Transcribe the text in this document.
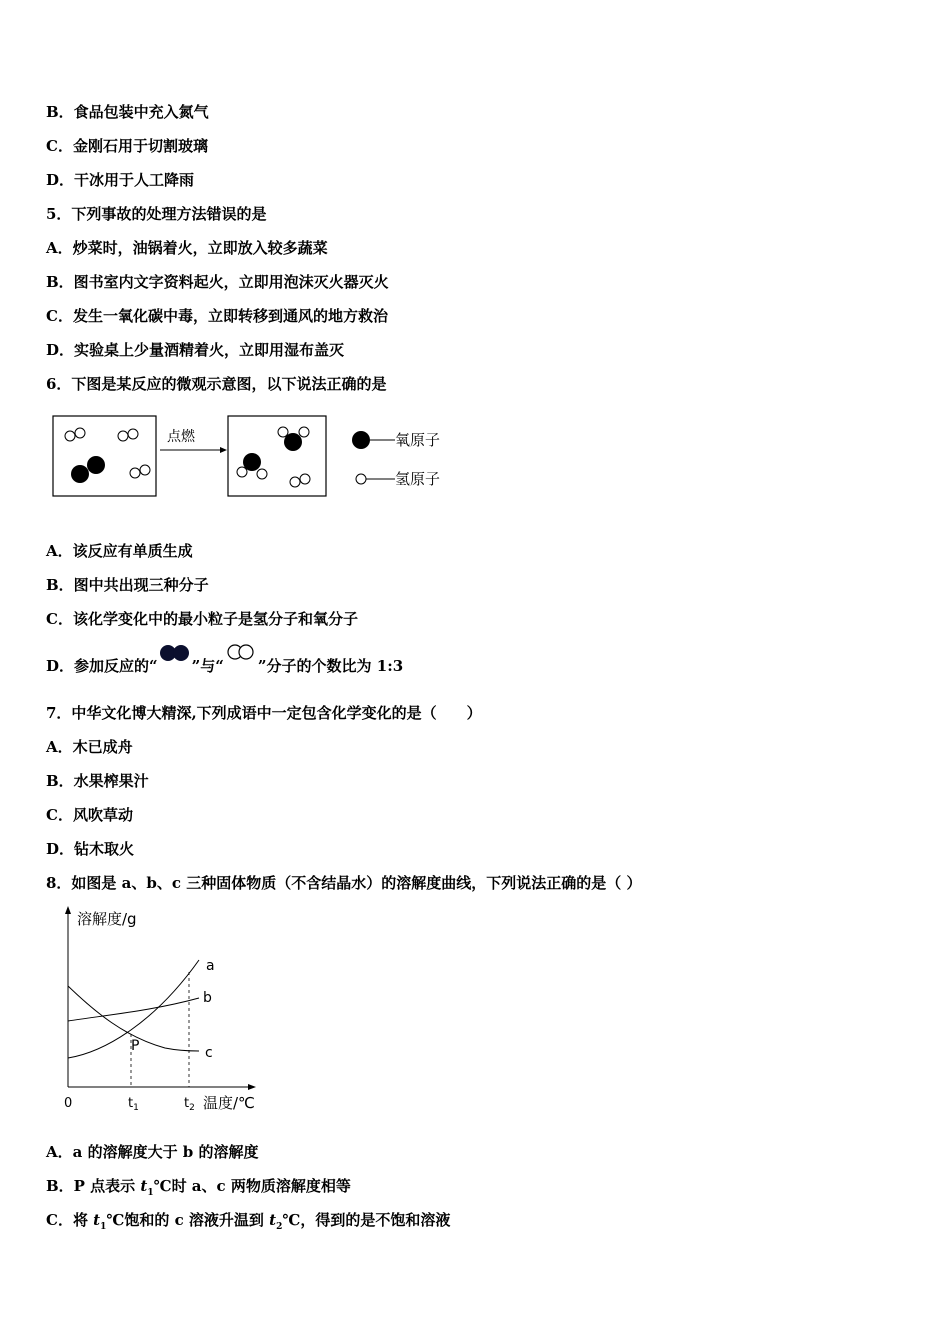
B．食品包装中充入氮气
C．金刚石用于切割玻璃
D．干冰用于人工降雨
5．下列事故的处理方法错误的是
A．炒菜时，油锅着火，立即放入较多蔬菜
B．图书室内文字资料起火，立即用泡沫灭火器灭火
C．发生一氧化碳中毒，立即转移到通风的地方救治
D．实验桌上少量酒精着火，立即用湿布盖灭
6．下图是某反应的微观示意图，以下说法正确的是
点燃	氧原子
氢原子
A．该反应有单质生成
B．图中共出现三种分子
C．该化学变化中的最小粒子是氢分子和氧分子
D．参加反应的“ ”与“ ”分子的个数比为 1:3
7．中华文化博大精深,下列成语中一定包含化学变化的是（　　）
A．木已成舟
B．水果榨果汁
C．风吹草动
D．钻木取火
8．如图是 a、b、c 三种固体物质（不含结晶水）的溶解度曲线，下列说法正确的是（ ）
溶解度/g
温度/℃
0	$t_1$	$t_2$
a
b
c
P
A．a 的溶解度大于 b 的溶解度
B．P 点表示 $t_1℃$时 a、c 两物质溶解度相等
C．将 $t_1℃$饱和的 c 溶液升温到 $t_2℃$，得到的是不饱和溶液
